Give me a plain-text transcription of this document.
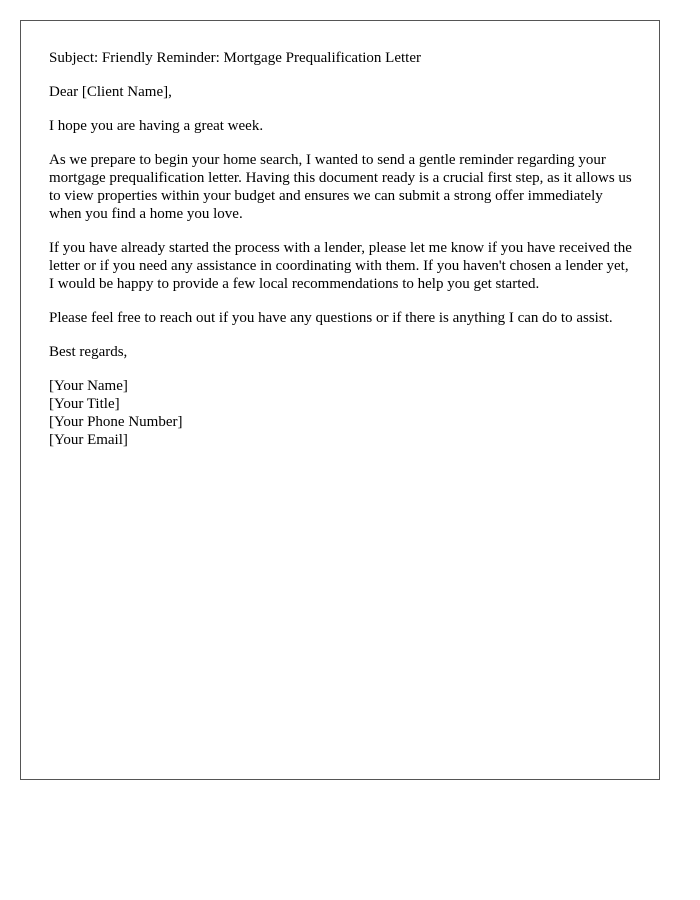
Subject: Friendly Reminder: Mortgage Prequalification Letter

Dear [Client Name],

I hope you are having a great week.

As we prepare to begin your home search, I wanted to send a gentle reminder regarding your mortgage prequalification letter. Having this document ready is a crucial first step, as it allows us to view properties within your budget and ensures we can submit a strong offer immediately when you find a home you love.

If you have already started the process with a lender, please let me know if you have received the letter or if you need any assistance in coordinating with them. If you haven't chosen a lender yet, I would be happy to provide a few local recommendations to help you get started.

Please feel free to reach out if you have any questions or if there is anything I can do to assist.

Best regards,

[Your Name]
[Your Title]
[Your Phone Number]
[Your Email]
